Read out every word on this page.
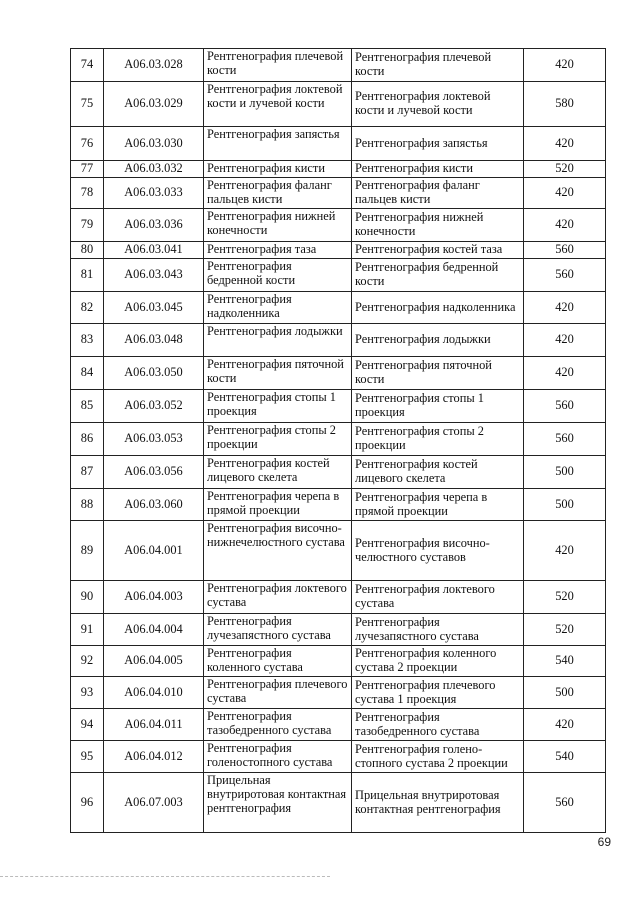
74	A06.03.028	Рентгенография плечевой кости	Рентгенография плечевой кости	420
75	A06.03.029	Рентгенография локтевой кости и лучевой кости	Рентгенография локтевой кости и лучевой кости	580
76	A06.03.030	Рентгенография запястья	Рентгенография запястья	420
77	A06.03.032	Рентгенография кисти	Рентгенография кисти	520
78	A06.03.033	Рентгенография фаланг пальцев кисти	Рентгенография фаланг пальцев кисти	420
79	A06.03.036	Рентгенография нижней конечности	Рентгенография нижней конечности	420
80	A06.03.041	Рентгенография таза	Рентгенография костей таза	560
81	A06.03.043	Рентгенография бедренной кости	Рентгенография бедренной кости	560
82	A06.03.045	Рентгенография надколенника	Рентгенография надколенника	420
83	A06.03.048	Рентгенография лодыжки	Рентгенография лодыжки	420
84	A06.03.050	Рентгенография пяточной кости	Рентгенография пяточной кости	420
85	A06.03.052	Рентгенография стопы 1 проекция	Рентгенография стопы 1 проекция	560
86	A06.03.053	Рентгенография стопы 2 проекции	Рентгенография стопы 2 проекции	560
87	A06.03.056	Рентгенография костей лицевого скелета	Рентгенография костей лицевого скелета	500
88	A06.03.060	Рентгенография черепа в прямой проекции	Рентгенография черепа в прямой проекции	500
89	A06.04.001	Рентгенография височно-нижнечелюстного сустава	Рентгенография височно-челюстного суставов	420
90	A06.04.003	Рентгенография локтевого сустава	Рентгенография локтевого сустава	520
91	A06.04.004	Рентгенография лучезапястного сустава	Рентгенография лучезапястного сустава	520
92	A06.04.005	Рентгенография коленного сустава	Рентгенография коленного сустава 2 проекции	540
93	A06.04.010	Рентгенография плечевого сустава	Рентгенография плечевого сустава 1 проекция	500
94	A06.04.011	Рентгенография тазобедренного сустава	Рентгенография тазобедренного сустава	420
95	A06.04.012	Рентгенография голеностопного сустава	Рентгенография голено-стопного сустава 2 проекции	540
96	A06.07.003	Прицельная внутриротовая контактная рентгенография	Прицельная внутриротовая контактная рентгенография	560
69
